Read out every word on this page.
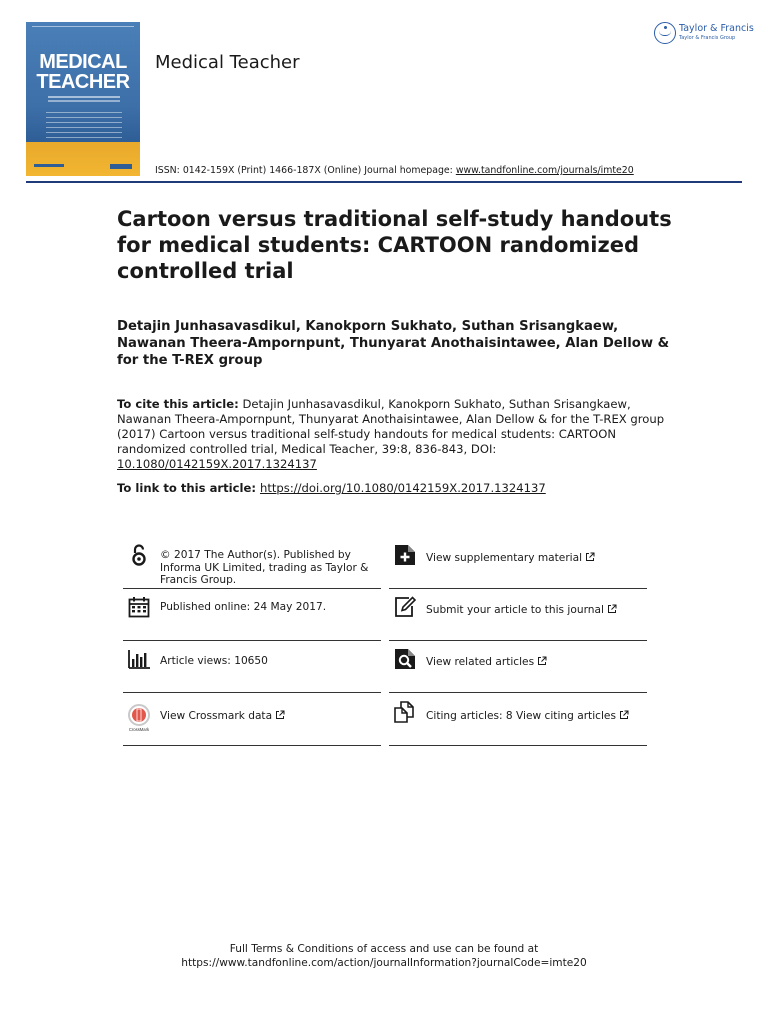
MEDICAL
TEACHER
Medical Teacher
Taylor & Francis
Taylor & Francis Group
ISSN: 0142-159X (Print) 1466-187X (Online) Journal homepage: www.tandfonline.com/journals/imte20
Cartoon versus traditional self-study handouts for medical students: CARTOON randomized controlled trial

Detajin Junhasavasdikul, Kanokporn Sukhato, Suthan Srisangkaew, Nawanan Theera-Ampornpunt, Thunyarat Anothaisintawee, Alan Dellow & for the T-REX group

To cite this article: Detajin Junhasavasdikul, Kanokporn Sukhato, Suthan Srisangkaew, Nawanan Theera-Ampornpunt, Thunyarat Anothaisintawee, Alan Dellow & for the T-REX group (2017) Cartoon versus traditional self-study handouts for medical students: CARTOON randomized controlled trial, Medical Teacher, 39:8, 836-843, DOI: 10.1080/0142159X.2017.1324137
To link to this article: https://doi.org/10.1080/0142159X.2017.1324137
© 2017 The Author(s). Published by Informa UK Limited, trading as Taylor & Francis Group.
Published online: 24 May 2017.
Article views: 10650
CrossMark
View Crossmark data
View supplementary material
Submit your article to this journal
View related articles
Citing articles: 8 View citing articles
Full Terms & Conditions of access and use can be found at
https://www.tandfonline.com/action/journalInformation?journalCode=imte20
